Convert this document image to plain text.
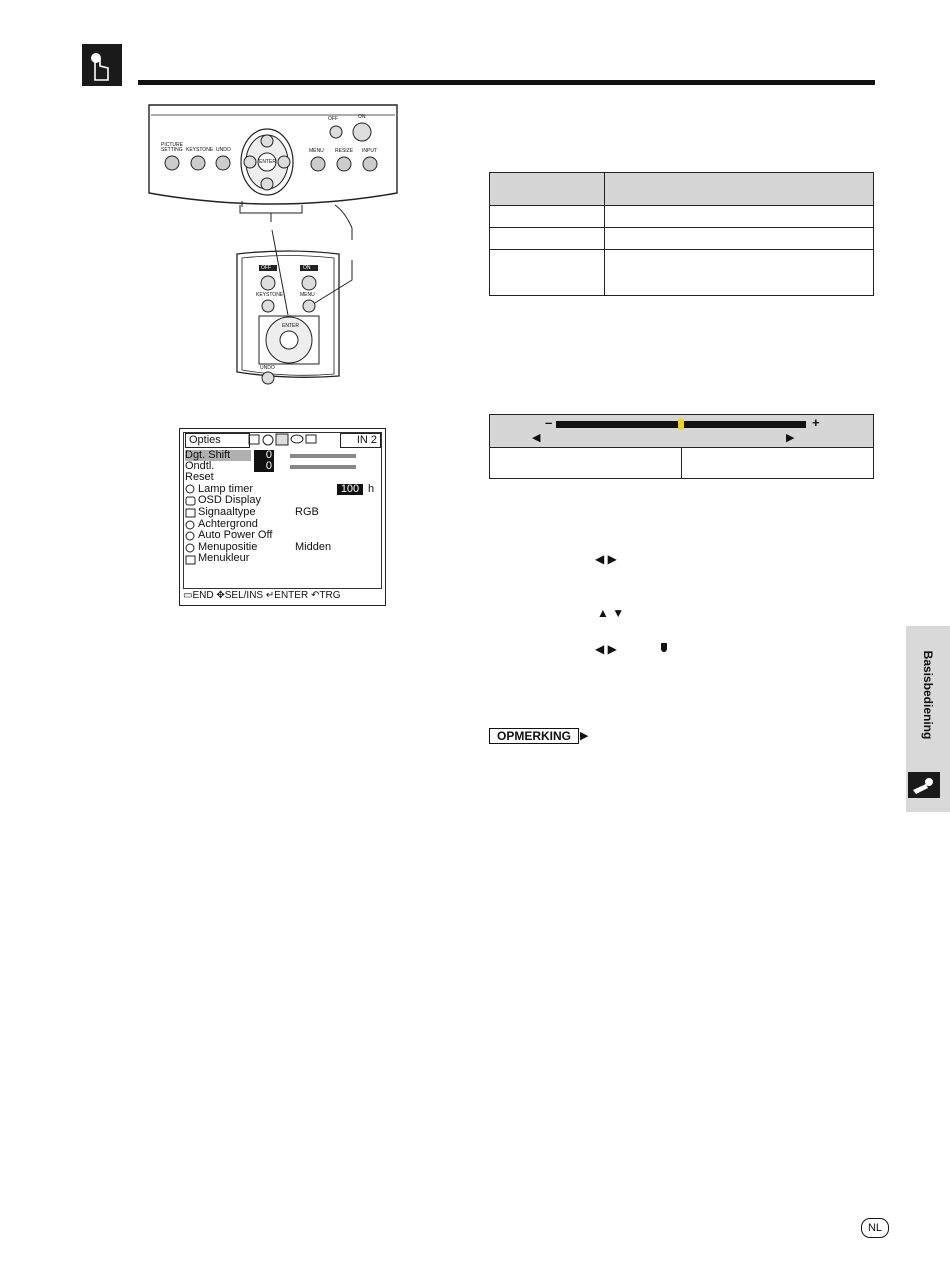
PICTURE
SETTING KEYSTONE UNDO
ENTER
OFF	ON
MENU RESIZE INPUT
OFF	ON
KEYSTONE	MENU
ENTER
UNDO

–	+
◀	▶
◀ ▶
▲ ▼
◀ ▶
Opties	IN 2
Dgt. Shift	0
Ondtl.	0
Reset
Lamp timer	100 h
OSD Display
Signaaltype	RGB
Achtergrond
Auto Power Off
Menupositie	Midden
Menukleur
▭END ✥SEL/INS ↵ENTER ↶TRG
OPMERKING ▶	Basisbediening
NL
